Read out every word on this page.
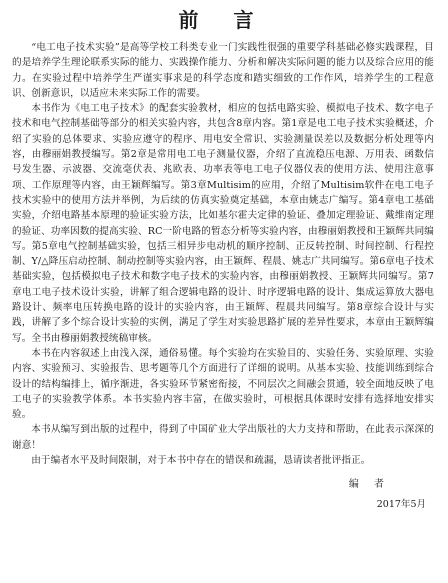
前 言

“电工电子技术实验”是高等学校工科类专业一门实践性很强的重要学科基础必修实践课程，目的是培养学生理论联系实际的能力、实践操作能力、分析和解决实际问题的能力以及综合应用的能力。在实验过程中培养学生严谨实事求是的科学态度和踏实细致的工作作风，培养学生的工程意识、创新意识，以适应未来实际工作的需要。

本书作为《电工电子技术》的配套实验教材，相应的包括电路实验、模拟电子技术、数字电子技术和电气控制基础等部分的相关实验内容，共包含8章内容。第1章是电工电子技术实验概述，介绍了实验的总体要求、实验应遵守的程序、用电安全常识、实验测量误差以及数据分析处理等内容，由穆丽娟教授编写。第2章是常用电工电子测量仪器，介绍了直流稳压电源、万用表、函数信号发生器、示波器、交流毫伏表、兆欧表、功率表等电工电子仪器仪表的使用方法、使用注意事项、工作原理等内容，由王颖辉编写。第3章Multisim的应用，介绍了Multisim软件在电工电子技术实验中的使用方法并举例，为后续的仿真实验奠定基础，本章由姚志广编写。第4章电工基础实验，介绍电路基本原理的验证实验方法，比如基尔霍夫定律的验证、叠加定理验证、戴维南定理的验证、功率因数的提高实验、RC一阶电路的暂态分析等实验内容，由穆丽娟教授和王颖辉共同编写。第5章电气控制基础实验，包括三相异步电动机的顺序控制、正反转控制、时间控制、行程控制、Y/△降压启动控制、制动控制等实验内容，由王颖辉、程晨、姚志广共同编写。第6章电子技术基础实验，包括模拟电子技术和数字电子技术的实验内容，由穆丽娟教授、王颖辉共同编写。第7章电工电子技术设计实验，讲解了组合逻辑电路的设计、时序逻辑电路的设计、集成运算放大器电路设计、频率电压转换电路的设计的实验内容，由王颖辉、程晨共同编写。第8章综合设计与实践，讲解了多个综合设计实验的实例，满足了学生对实验思路扩展的差异性要求，本章由王颖辉编写。全书由穆丽娟教授统稿审核。

本书在内容叙述上由浅入深，通俗易懂。每个实验均在实验目的、实验任务、实验原理、实验内容、实验预习、实验报告、思考题等几个方面进行了详细的说明。从基本实验、技能训练到综合设计的结构编排上，循序渐进，各实验环节紧密衔接，不同层次之间融会贯通，较全面地反映了电工电子的实验教学体系。本书实验内容丰富，在做实验时，可根据具体课时安排有选择地安排实验。

本书从编写到出版的过程中，得到了中国矿业大学出版社的大力支持和帮助，在此表示深深的谢意！

由于编者水平及时间限制，对于本书中存在的错误和疏漏，恳请读者批评指正。

编 者
2017年5月
